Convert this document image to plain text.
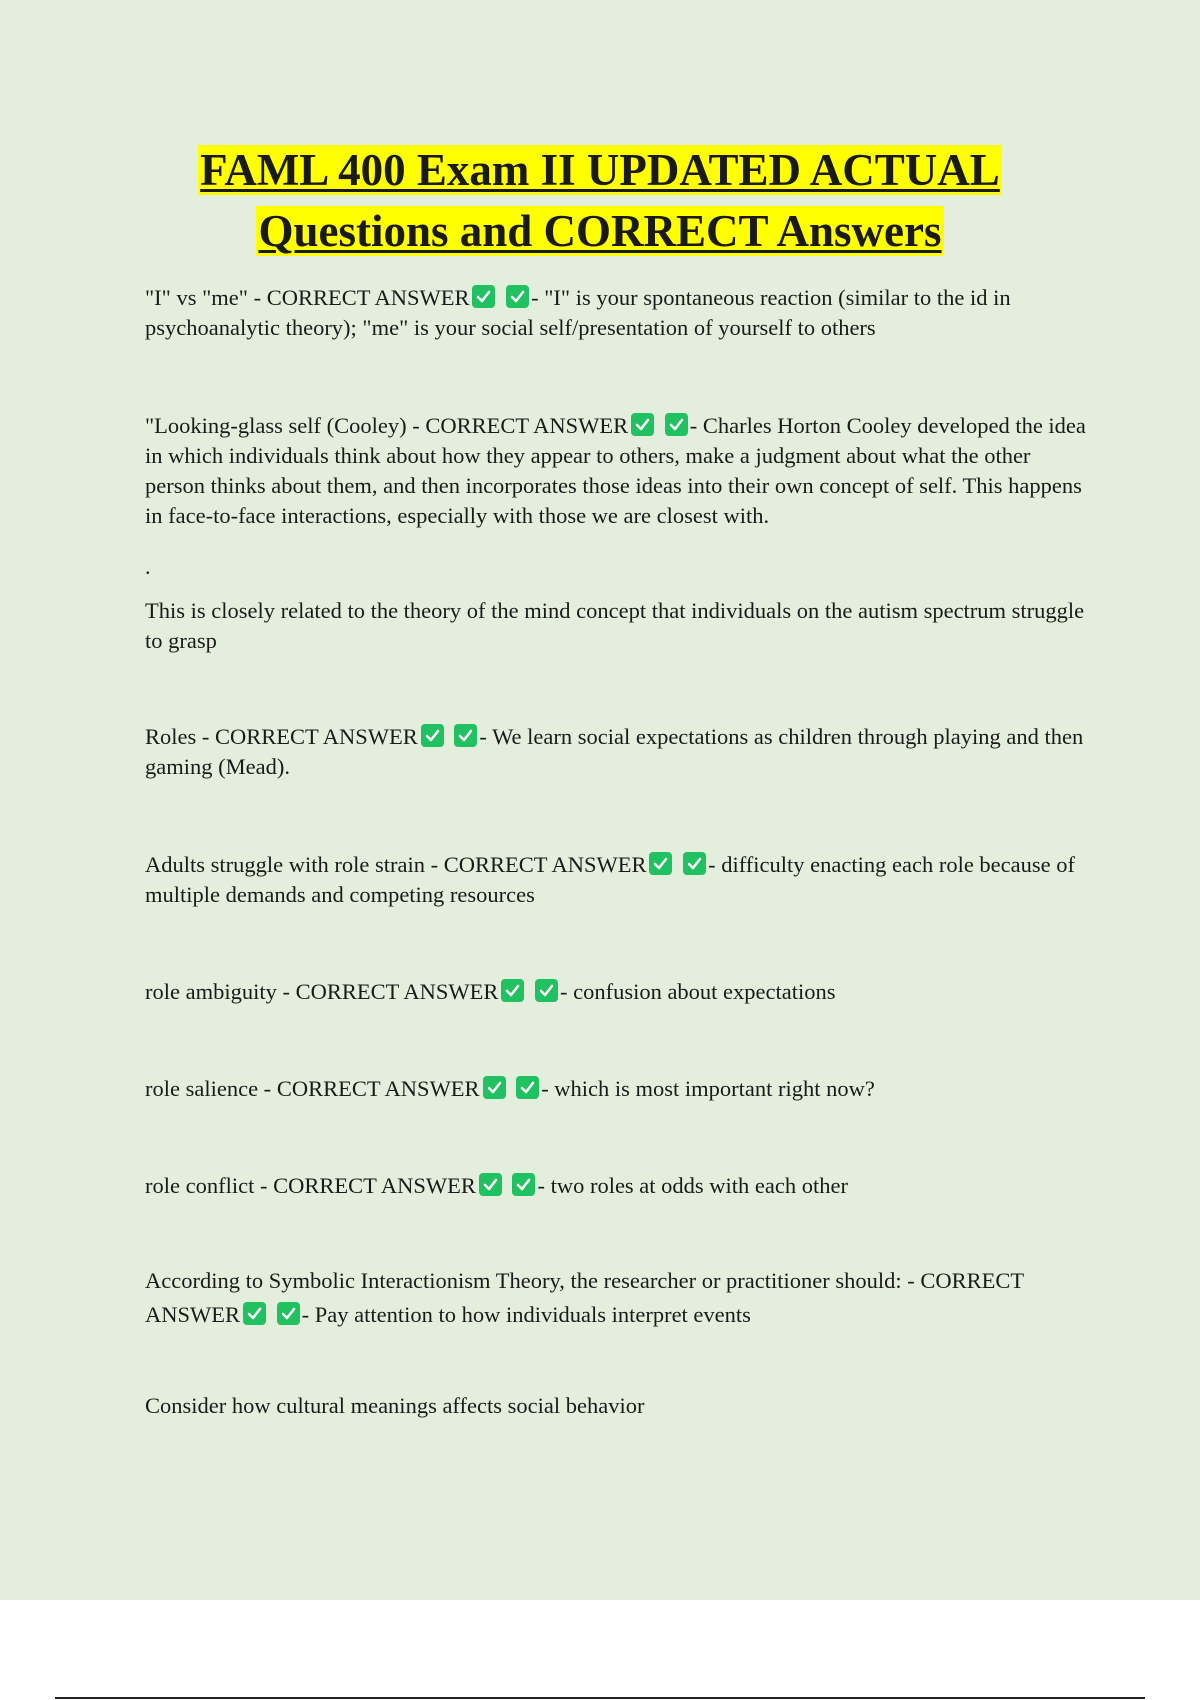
FAML 400 Exam II UPDATED ACTUAL
Questions and CORRECT Answers

"I" vs "me" - CORRECT ANSWER
	- "I" is your spontaneous reaction (similar to the id in psychoanalytic theory); "me" is your social self/presentation of yourself to others

"Looking-glass self (Cooley) - CORRECT ANSWER
	- Charles Horton Cooley developed the idea in which individuals think about how they appear to others, make a judgment about what the other person thinks about them, and then incorporates those ideas into their own concept of self. This happens in face-to-face interactions, especially with those we are closest with.

.

This is closely related to the theory of the mind concept that individuals on the autism spectrum struggle to grasp

Roles - CORRECT ANSWER
	- We learn social expectations as children through playing and then gaming (Mead).

Adults struggle with role strain - CORRECT ANSWER
	- difficulty enacting each role because of multiple demands and competing resources

role ambiguity - CORRECT ANSWER
	- confusion about expectations

role salience - CORRECT ANSWER
	- which is most important right now?

role conflict - CORRECT ANSWER
	- two roles at odds with each other

According to Symbolic Interactionism Theory, the researcher or practitioner should: - CORRECT ANSWER
	- Pay attention to how individuals interpret events

Consider how cultural meanings affects social behavior
